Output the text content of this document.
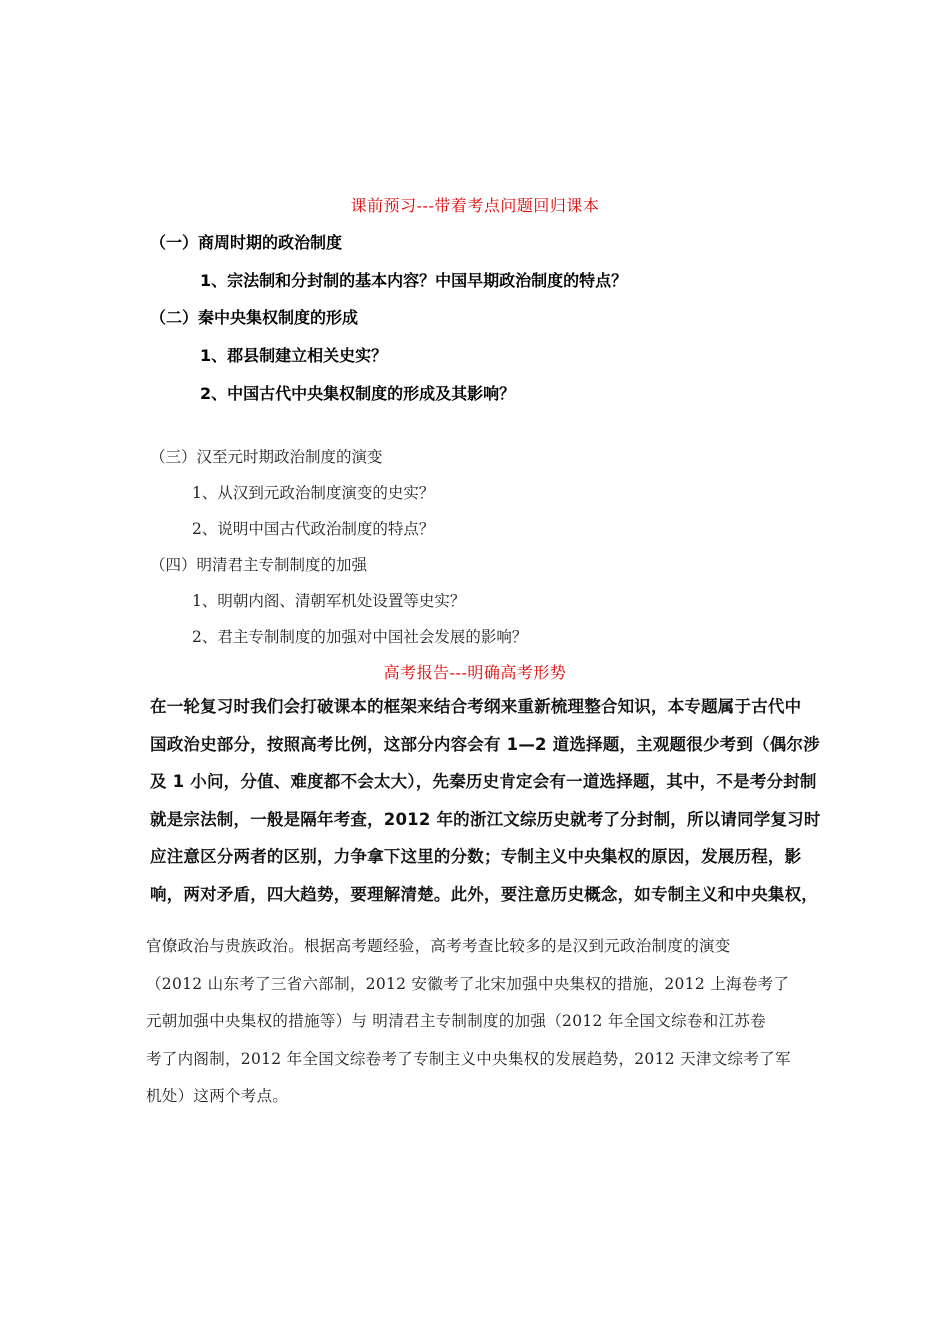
课前预习---带着考点问题回归课本
（一）商周时期的政治制度
1、宗法制和分封制的基本内容？中国早期政治制度的特点？
（二）秦中央集权制度的形成
1、郡县制建立相关史实？
2、中国古代中央集权制度的形成及其影响？
（三）汉至元时期政治制度的演变
1、从汉到元政治制度演变的史实？
2、说明中国古代政治制度的特点？
（四）明清君主专制制度的加强
1、明朝内阁、清朝军机处设置等史实？
2、君主专制制度的加强对中国社会发展的影响？
高考报告---明确高考形势

在一轮复习时我们会打破课本的框架来结合考纲来重新梳理整合知识，本专题属于古代中

国政治史部分，按照高考比例，这部分内容会有 1—2 道选择题，主观题很少考到（偶尔涉

及 1 小问，分值、难度都不会太大），先秦历史肯定会有一道选择题，其中，不是考分封制

就是宗法制，一般是隔年考查，2012 年的浙江文综历史就考了分封制，所以请同学复习时

应注意区分两者的区别，力争拿下这里的分数；专制主义中央集权的原因，发展历程，影

响，两对矛盾，四大趋势，要理解清楚。此外，要注意历史概念，如专制主义和中央集权，

官僚政治与贵族政治。根据高考题经验，高考考查比较多的是汉到元政治制度的演变

（2012 山东考了三省六部制，2012 安徽考了北宋加强中央集权的措施，2012 上海卷考了

元朝加强中央集权的措施等）与 明清君主专制制度的加强（2012 年全国文综卷和江苏卷

考了内阁制，2012 年全国文综卷考了专制主义中央集权的发展趋势，2012 天津文综考了军

机处）这两个考点。
